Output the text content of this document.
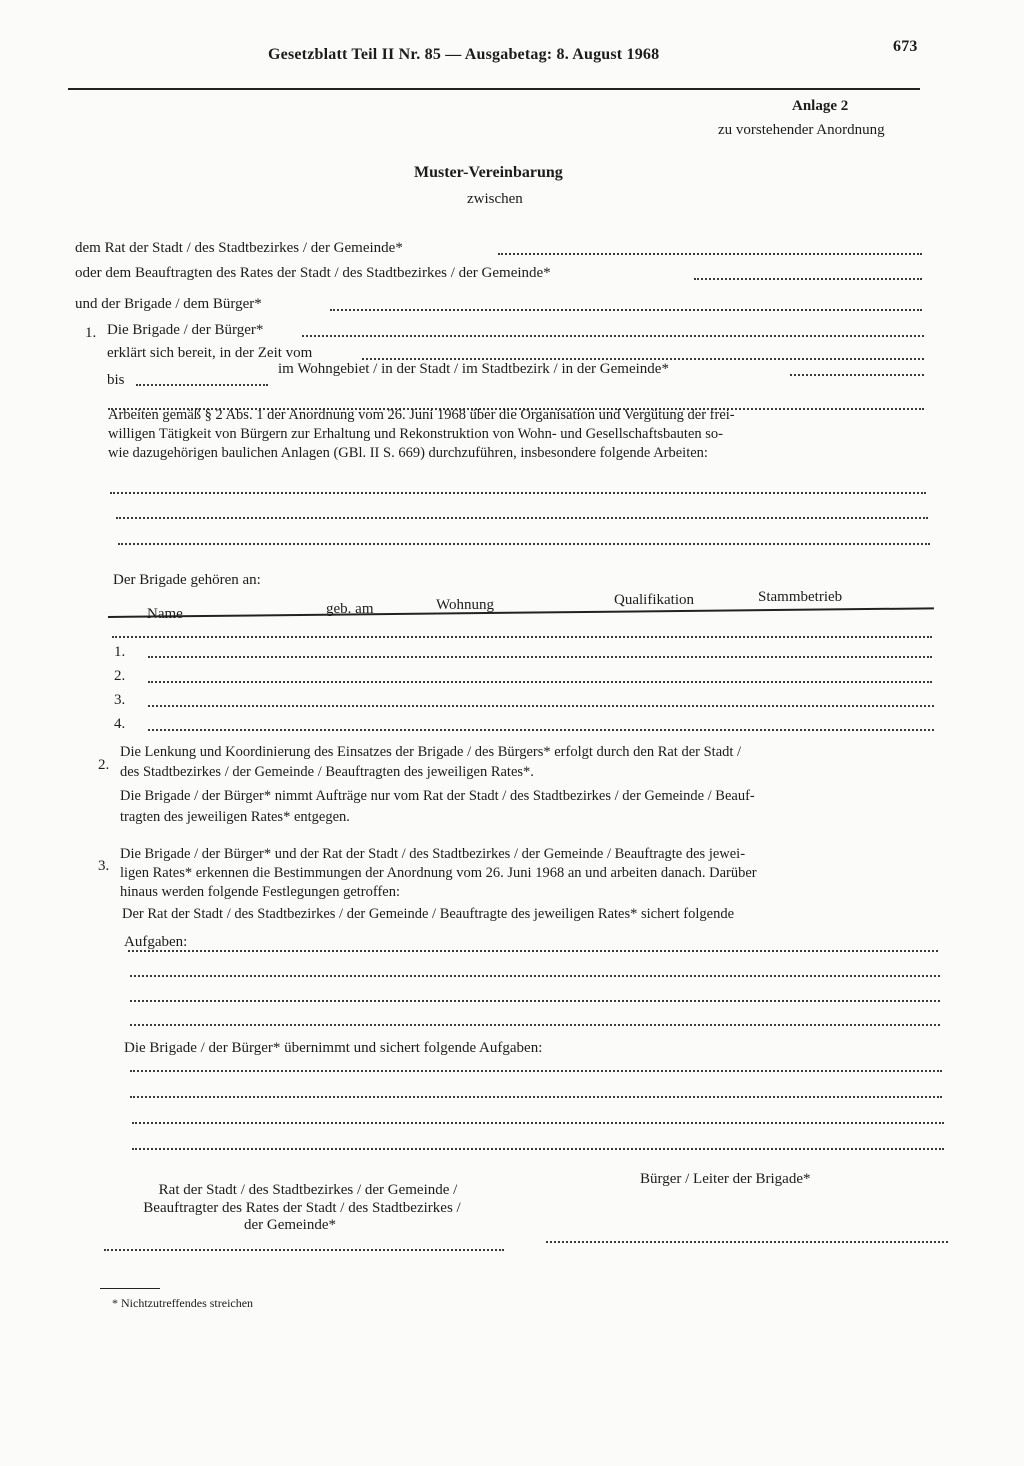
Gesetzblatt Teil II Nr. 85 — Ausgabetag: 8. August 1968	673
Anlage 2
zu vorstehender Anordnung
Muster-Vereinbarung
zwischen
dem Rat der Stadt / des Stadtbezirkes / der Gemeinde*
oder dem Beauftragten des Rates der Stadt / des Stadtbezirkes / der Gemeinde*
und der Brigade / dem Bürger*
1. Die Brigade / der Bürger*
erklärt sich bereit, in der Zeit vom
bis
im Wohngebiet / in der Stadt / im Stadtbezirk / in der Gemeinde*
Arbeiten gemäß § 2 Abs. 1 der Anordnung vom 26. Juni 1968 über die Organisation und Vergütung der frei-
willigen Tätigkeit von Bürgern zur Erhaltung und Rekonstruktion von Wohn- und Gesellschaftsbauten so-
wie dazugehörigen baulichen Anlagen (GBl. II S. 669) durchzuführen, insbesondere folgende Arbeiten:
Der Brigade gehören an:
Name	geb. am	Wohnung	Qualifikation	Stammbetrieb
1.
2.
3.
4.
2.
Die Lenkung und Koordinierung des Einsatzes der Brigade / des Bürgers* erfolgt durch den Rat der Stadt /
des Stadtbezirkes / der Gemeinde / Beauftragten des jeweiligen Rates*.
Die Brigade / der Bürger* nimmt Aufträge nur vom Rat der Stadt / des Stadtbezirkes / der Gemeinde / Beauf-
tragten des jeweiligen Rates* entgegen.
3.
Die Brigade / der Bürger* und der Rat der Stadt / des Stadtbezirkes / der Gemeinde / Beauftragte des jewei-
ligen Rates* erkennen die Bestimmungen der Anordnung vom 26. Juni 1968 an und arbeiten danach. Darüber
hinaus werden folgende Festlegungen getroffen:
Der Rat der Stadt / des Stadtbezirkes / der Gemeinde / Beauftragte des jeweiligen Rates* sichert folgende
Aufgaben:
Die Brigade / der Bürger* übernimmt und sichert folgende Aufgaben:
Rat der Stadt / des Stadtbezirkes / der Gemeinde /
Beauftragter des Rates der Stadt / des Stadtbezirkes /
der Gemeinde*
Bürger / Leiter der Brigade*
* Nichtzutreffendes streichen
